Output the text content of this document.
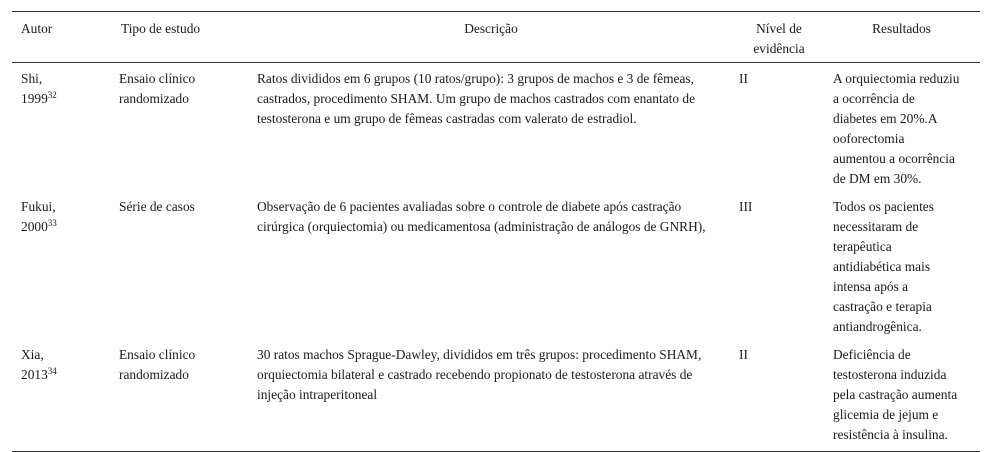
Autor	Tipo de estudo	Descrição	Nível de evidência	Resultados
Shi,
1999$^{32}$	Ensaio clínico randomizado	Ratos divididos em 6 grupos (10 ratos/grupo): 3 grupos de machos e 3 de fêmeas, castrados, procedimento SHAM. Um grupo de machos castrados com enantato de testosterona e um grupo de fêmeas castradas com valerato de estradiol.	II	A orquiectomia reduziu a ocorrência de diabetes em 20%.A ooforectomia aumentou a ocorrência de DM em 30%.
Fukui,
2000$^{33}$	Série de casos	Observação de 6 pacientes avaliadas sobre o controle de diabete após castração cirúrgica (orquiectomia) ou medicamentosa (administração de análogos de GNRH),	III	Todos os pacientes necessitaram de terapêutica antidiabética mais intensa após a castração e terapia antiandrogênica.
Xia,
2013$^{34}$	Ensaio clínico randomizado	30 ratos machos Sprague-Dawley, divididos em três grupos: procedimento SHAM, orquiectomia bilateral e castrado recebendo propionato de testosterona através de injeção intraperitoneal	II	Deficiência de testosterona induzida pela castração aumenta glicemia de jejum e resistência à insulina.
